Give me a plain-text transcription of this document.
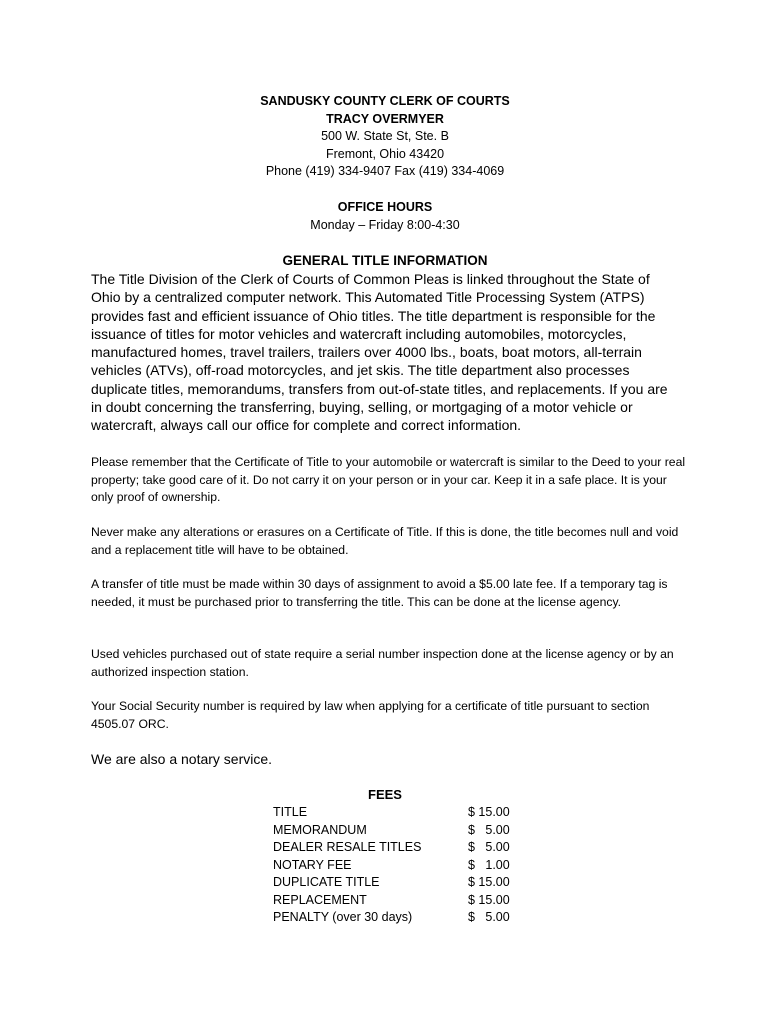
SANDUSKY COUNTY CLERK OF COURTS
TRACY OVERMYER
500 W. State St, Ste. B
Fremont, Ohio 43420
Phone (419) 334-9407 Fax (419) 334-4069
OFFICE HOURS
Monday – Friday 8:00-4:30
GENERAL TITLE INFORMATION
The Title Division of the Clerk of Courts of Common Pleas is linked throughout the State of Ohio by a centralized computer network. This Automated Title Processing System (ATPS) provides fast and efficient issuance of Ohio titles. The title department is responsible for the issuance of titles for motor vehicles and watercraft including automobiles, motorcycles, manufactured homes, travel trailers, trailers over 4000 lbs., boats, boat motors, all-terrain vehicles (ATVs), off-road motorcycles, and jet skis. The title department also processes duplicate titles, memorandums, transfers from out-of-state titles, and replacements. If you are in doubt concerning the transferring, buying, selling, or mortgaging of a motor vehicle or watercraft, always call our office for complete and correct information.
Please remember that the Certificate of Title to your automobile or watercraft is similar to the Deed to your real property; take good care of it. Do not carry it on your person or in your car. Keep it in a safe place. It is your only proof of ownership.
Never make any alterations or erasures on a Certificate of Title. If this is done, the title becomes null and void and a replacement title will have to be obtained.
A transfer of title must be made within 30 days of assignment to avoid a $5.00 late fee. If a temporary tag is needed, it must be purchased prior to transferring the title. This can be done at the license agency.
Used vehicles purchased out of state require a serial number inspection done at the license agency or by an authorized inspection station.
Your Social Security number is required by law when applying for a certificate of title pursuant to section 4505.07 ORC.
We are also a notary service.
FEES
TITLE	$ 15.00
MEMORANDUM	$   5.00
DEALER RESALE TITLES	$   5.00
NOTARY FEE	$   1.00
DUPLICATE TITLE	$ 15.00
REPLACEMENT	$ 15.00
PENALTY (over 30 days)	$   5.00
